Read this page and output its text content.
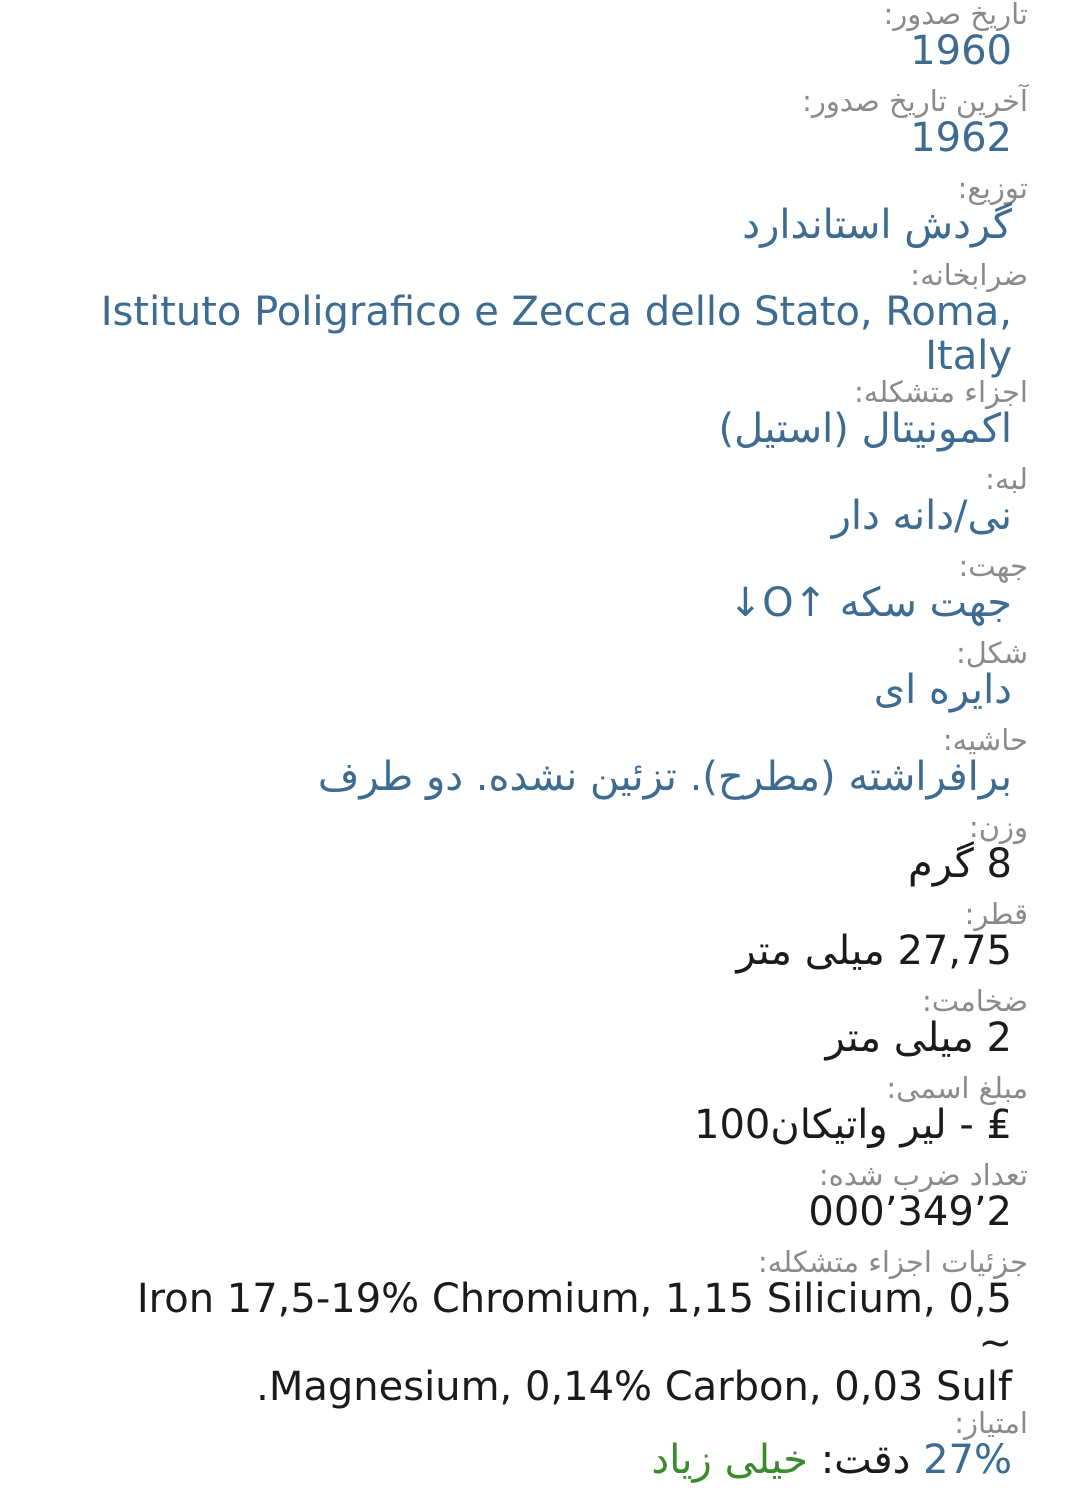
تاریخ صدور:
1960
آخرین تاریخ صدور:
1962
توزیع:
گردش استاندارد
ضرابخانه:
Istituto Poligrafico e Zecca dello Stato, Roma, Italy
اجزاء متشکله:
اکمونیتال (استیل)
لبه:
نی/دانه دار
جهت:
جهت سکه ↑O↓
شکل:
دایره ای
حاشیه:
برافراشته (مطرح). تزئین نشده. دو طرف
وزن:
8 گرم
قطر:
27,75 میلی متر
ضخامت:
2 میلی متر
مبلغ اسمی:
₤ - لیر واتیکان100
تعداد ضرب شده:
2’349’000
جزئیات اجزاء متشکله:
Iron 17,5-19% Chromium, 1,15 Silicium, 0,5 ~
.Magnesium, 0,14% Carbon, 0,03 Sulf
امتیاز:
27% دقت: خیلی زیاد
